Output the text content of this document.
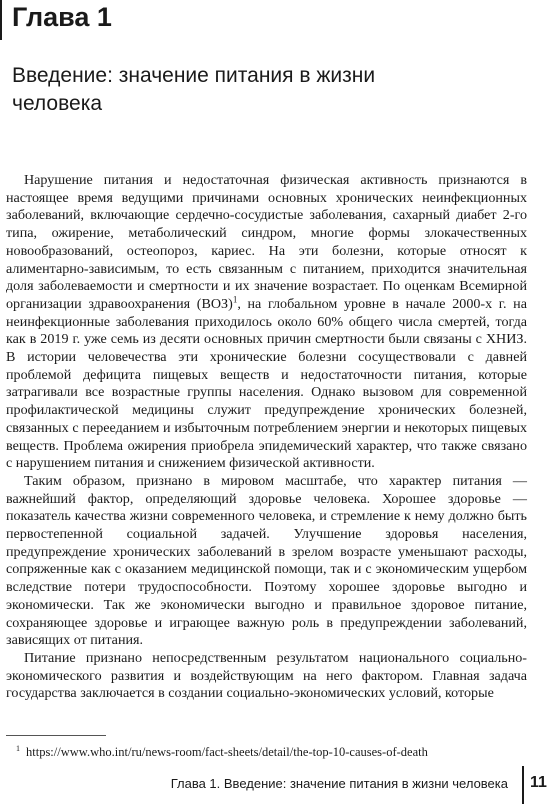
Глава 1
Введение: значение питания в жизни человека

Нарушение питания и недостаточная физическая активность признаются в настоящее время ведущими причинами основных хронических неинфекционных заболеваний, включающие сердечно-сосудистые заболевания, сахарный диабет 2-го типа, ожирение, метаболический синдром, многие формы злокачественных новообразований, остеопороз, кариес. На эти болезни, которые относят к алиментарно-зависимым, то есть связанным с питанием, приходится значительная доля заболеваемости и смертности и их значение возрастает. По оценкам Всемирной организации здравоохранения (ВОЗ)$^1$, на глобальном уровне в начале 2000-х г. на неинфекционные заболевания приходилось около 60% общего числа смертей, тогда как в 2019 г. уже семь из десяти основных причин смертности были связаны с ХНИЗ. В истории человечества эти хронические болезни сосуществовали с давней проблемой дефицита пищевых веществ и недостаточности питания, которые затрагивали все возрастные группы населения. Однако вызовом для современной профилактической медицины служит предупреждение хронических болезней, связанных с перееданием и избыточным потреблением энергии и некоторых пищевых веществ. Проблема ожирения приобрела эпидемический характер, что также связано с нарушением питания и снижением физической активности.

Таким образом, признано в мировом масштабе, что характер питания — важнейший фактор, определяющий здоровье человека. Хорошее здоровье — показатель качества жизни современного человека, и стремление к нему должно быть первостепенной социальной задачей. Улучшение здоровья населения, предупреждение хронических заболеваний в зрелом возрасте уменьшают расходы, сопряженные как с оказанием медицинской помощи, так и с экономическим ущербом вследствие потери трудоспособности. Поэтому хорошее здоровье выгодно и экономически. Так же экономически выгодно и правильное здоровое питание, сохраняющее здоровье и играющее важную роль в предупреждении заболеваний, зависящих от питания.

Питание признано непосредственным результатом национального социально-экономического развития и воздействующим на него фактором. Главная задача государства заключается в создании социально-экономических условий, которые

$^1$ https://www.who.int/ru/news-room/fact-sheets/detail/the-top-10-causes-of-death
Глава 1. Введение: значение питания в жизни человека 11
